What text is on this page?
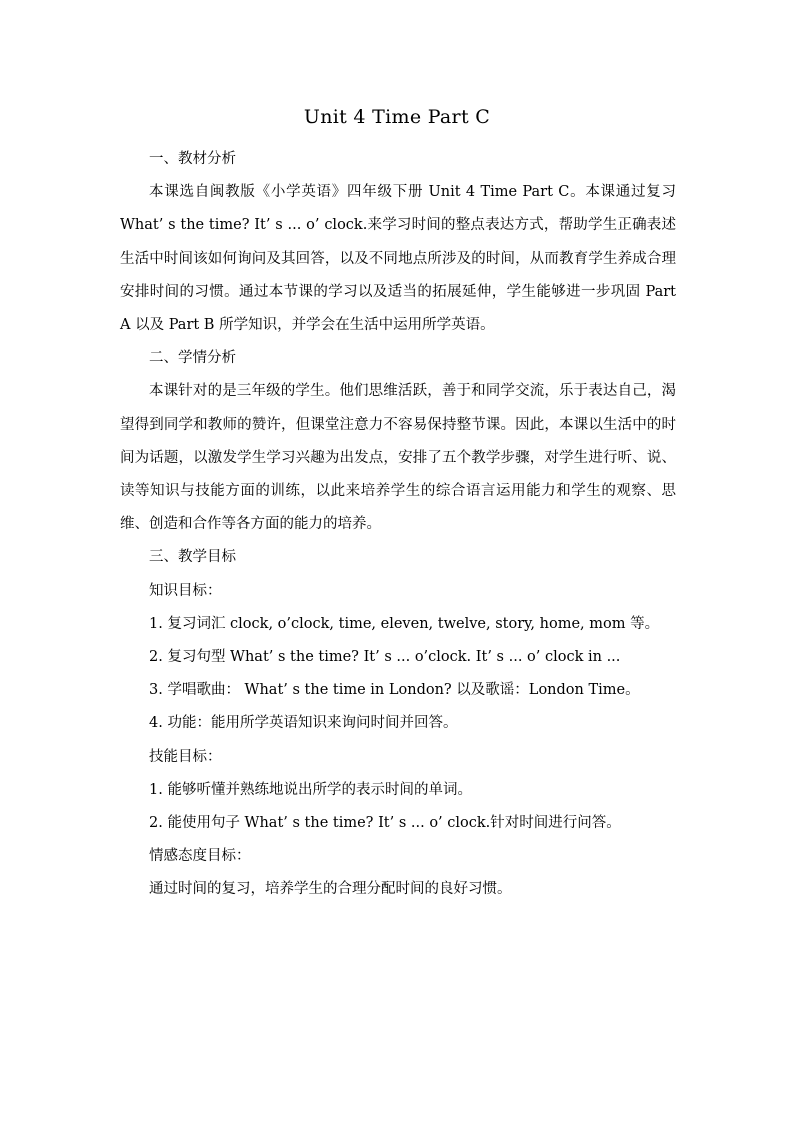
Unit 4 Time Part C

一、教材分析

本课选自闽教版《小学英语》四年级下册 Unit 4 Time Part C。本课通过复习 What’ s the time? It’ s ... o’ clock.来学习时间的整点表达方式，帮助学生正确表述生活中时间该如何询问及其回答，以及不同地点所涉及的时间，从而教育学生养成合理安排时间的习惯。通过本节课的学习以及适当的拓展延伸，学生能够进一步巩固 Part A 以及 Part B 所学知识，并学会在生活中运用所学英语。

二、学情分析

本课针对的是三年级的学生。他们思维活跃，善于和同学交流，乐于表达自己，渴望得到同学和教师的赞许，但课堂注意力不容易保持整节课。因此，本课以生活中的时间为话题，以激发学生学习兴趣为出发点，安排了五个教学步骤，对学生进行听、说、读等知识与技能方面的训练，以此来培养学生的综合语言运用能力和学生的观察、思维、创造和合作等各方面的能力的培养。

三、教学目标

知识目标：

1. 复习词汇 clock, o’clock, time, eleven, twelve, story, home, mom 等。

2. 复习句型 What’ s the time? It’ s ... o’clock. It’ s ... o’ clock in ...

3. 学唱歌曲： What’ s the time in London? 以及歌谣：London Time。

4. 功能：能用所学英语知识来询问时间并回答。

技能目标：

1. 能够听懂并熟练地说出所学的表示时间的单词。

2. 能使用句子 What’ s the time? It’ s ... o’ clock.针对时间进行问答。

情感态度目标：

通过时间的复习，培养学生的合理分配时间的良好习惯。
